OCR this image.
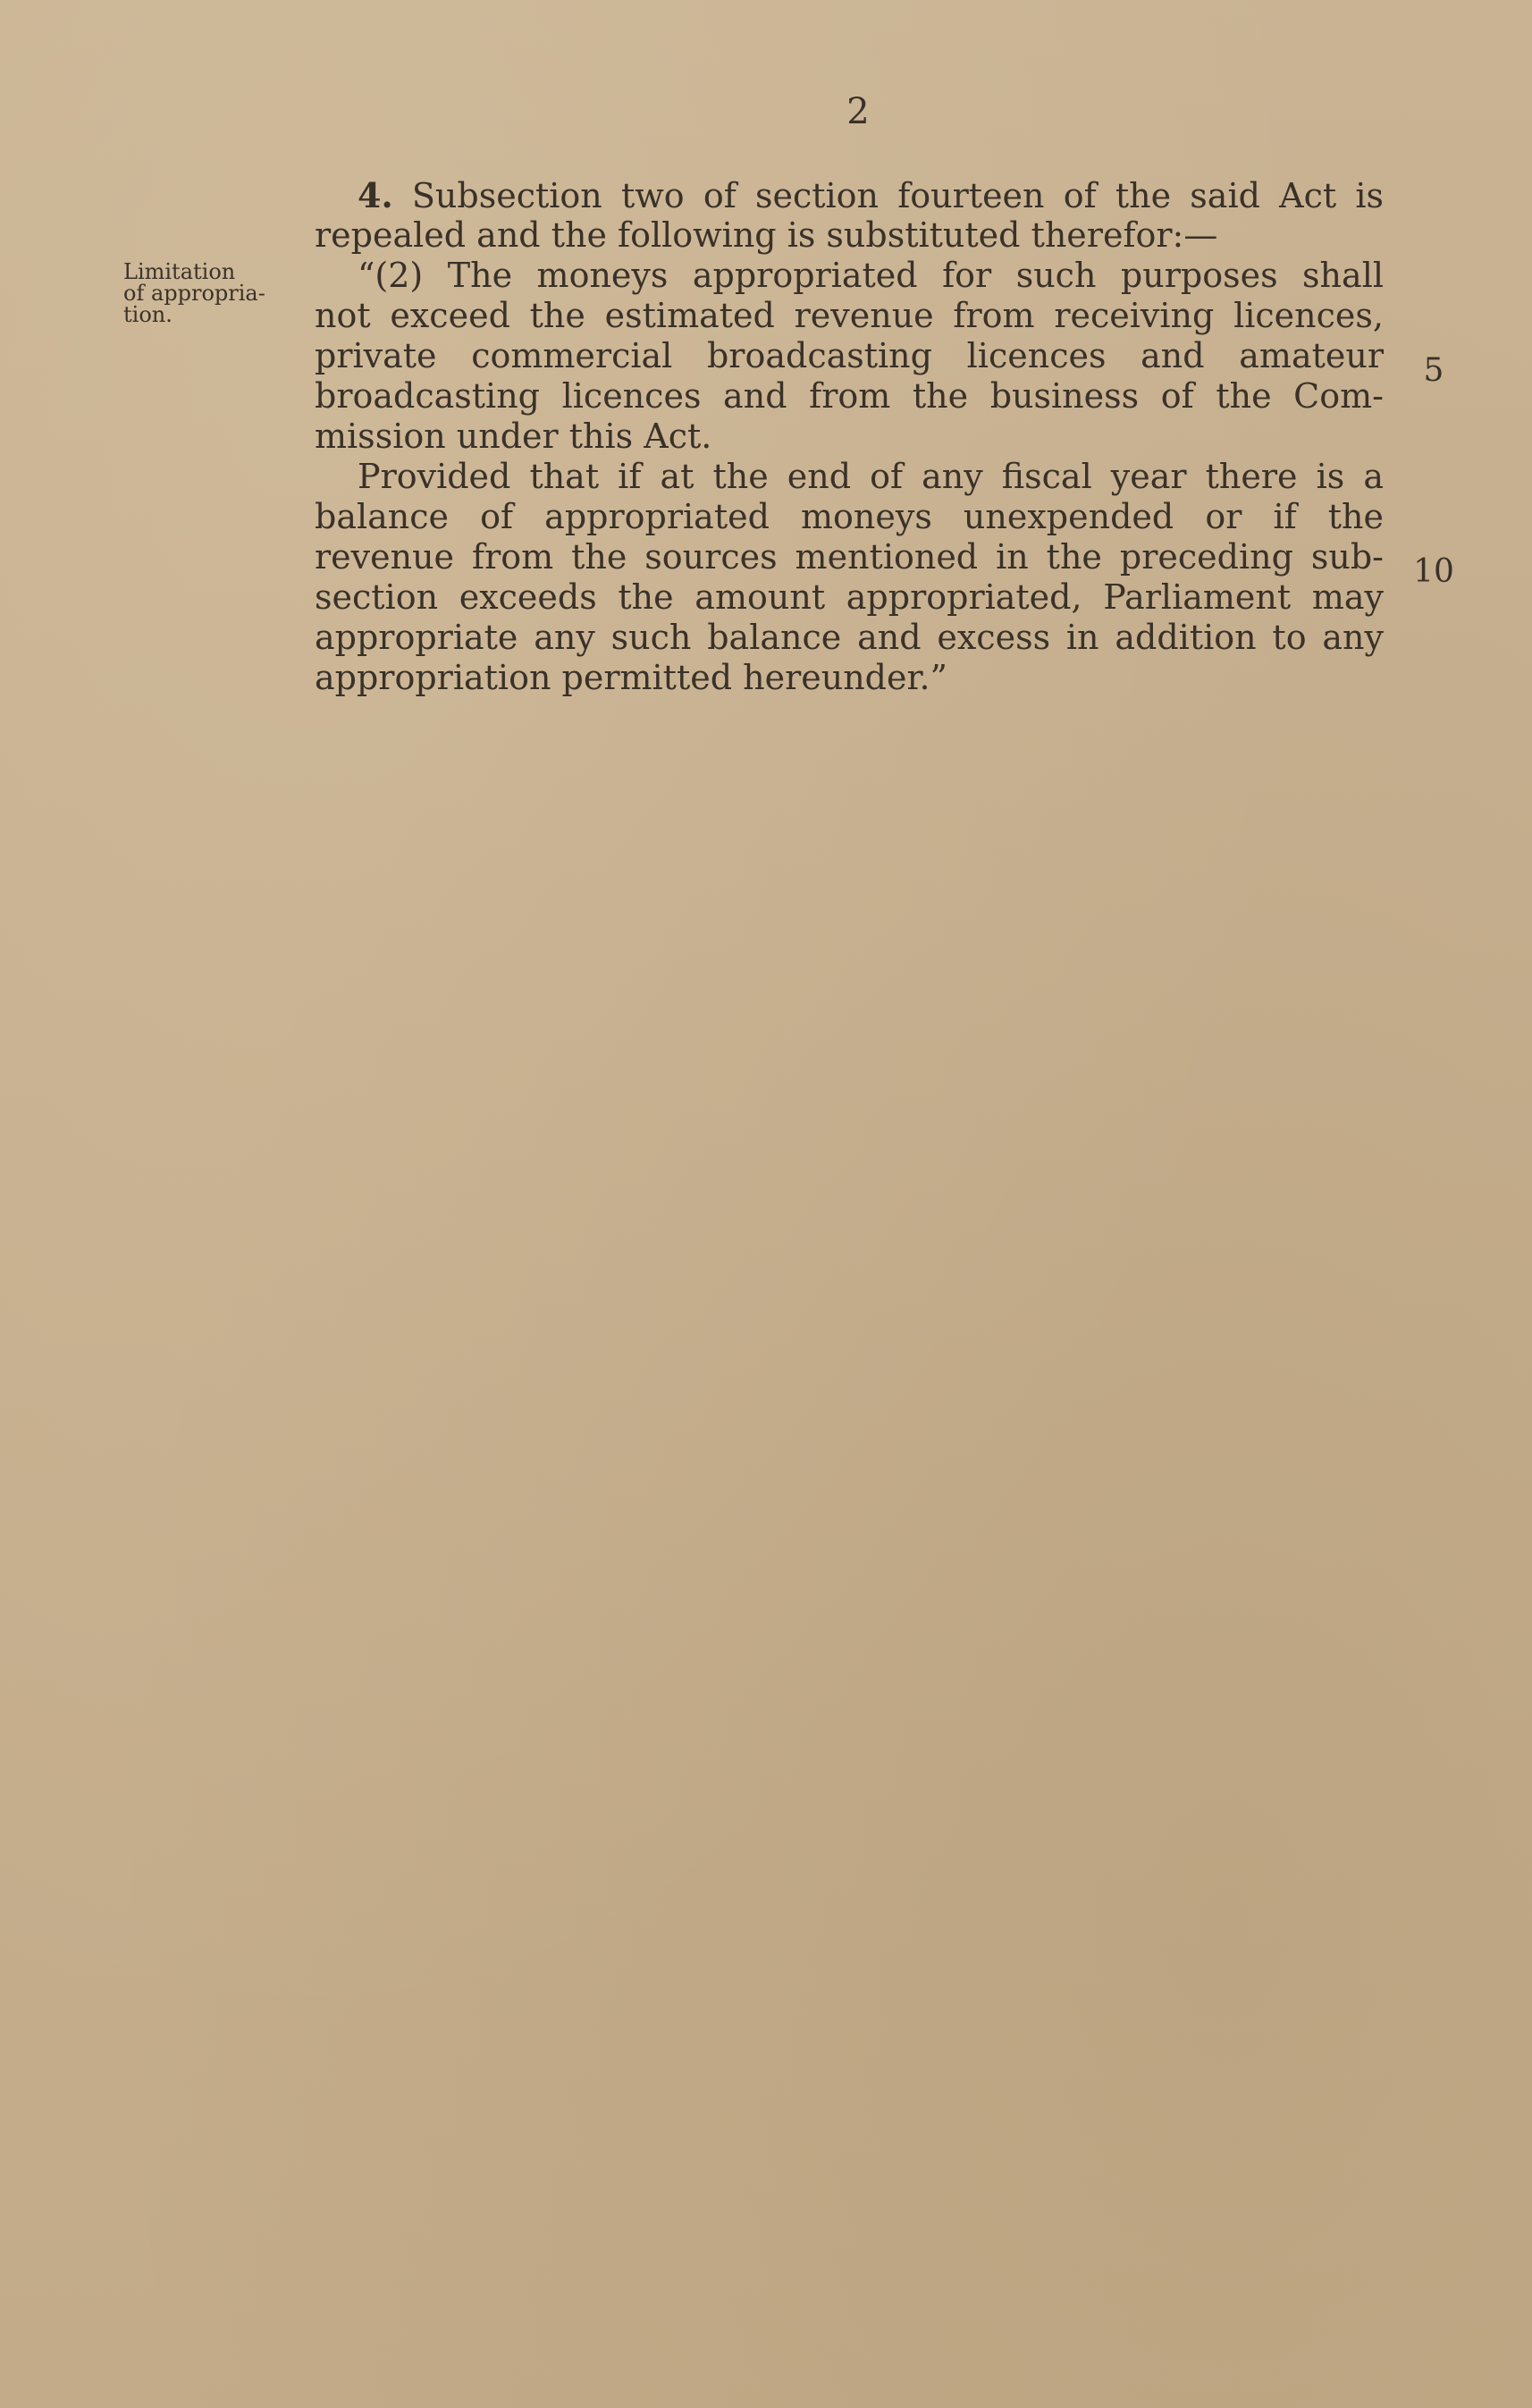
2
Limitation
of appropria-
tion.
4. Subsection two of section fourteen of the said Act is
repealed and the following is substituted therefor:—
“(2) The moneys appropriated for such purposes shall
not exceed the estimated revenue from receiving licences,
private commercial broadcasting licences and amateur
broadcasting licences and from the business of the Com-
mission under this Act.
Provided that if at the end of any fiscal year there is a
balance of appropriated moneys unexpended or if the
revenue from the sources mentioned in the preceding sub-
section exceeds the amount appropriated, Parliament may
appropriate any such balance and excess in addition to any
appropriation permitted hereunder.”
5
10
